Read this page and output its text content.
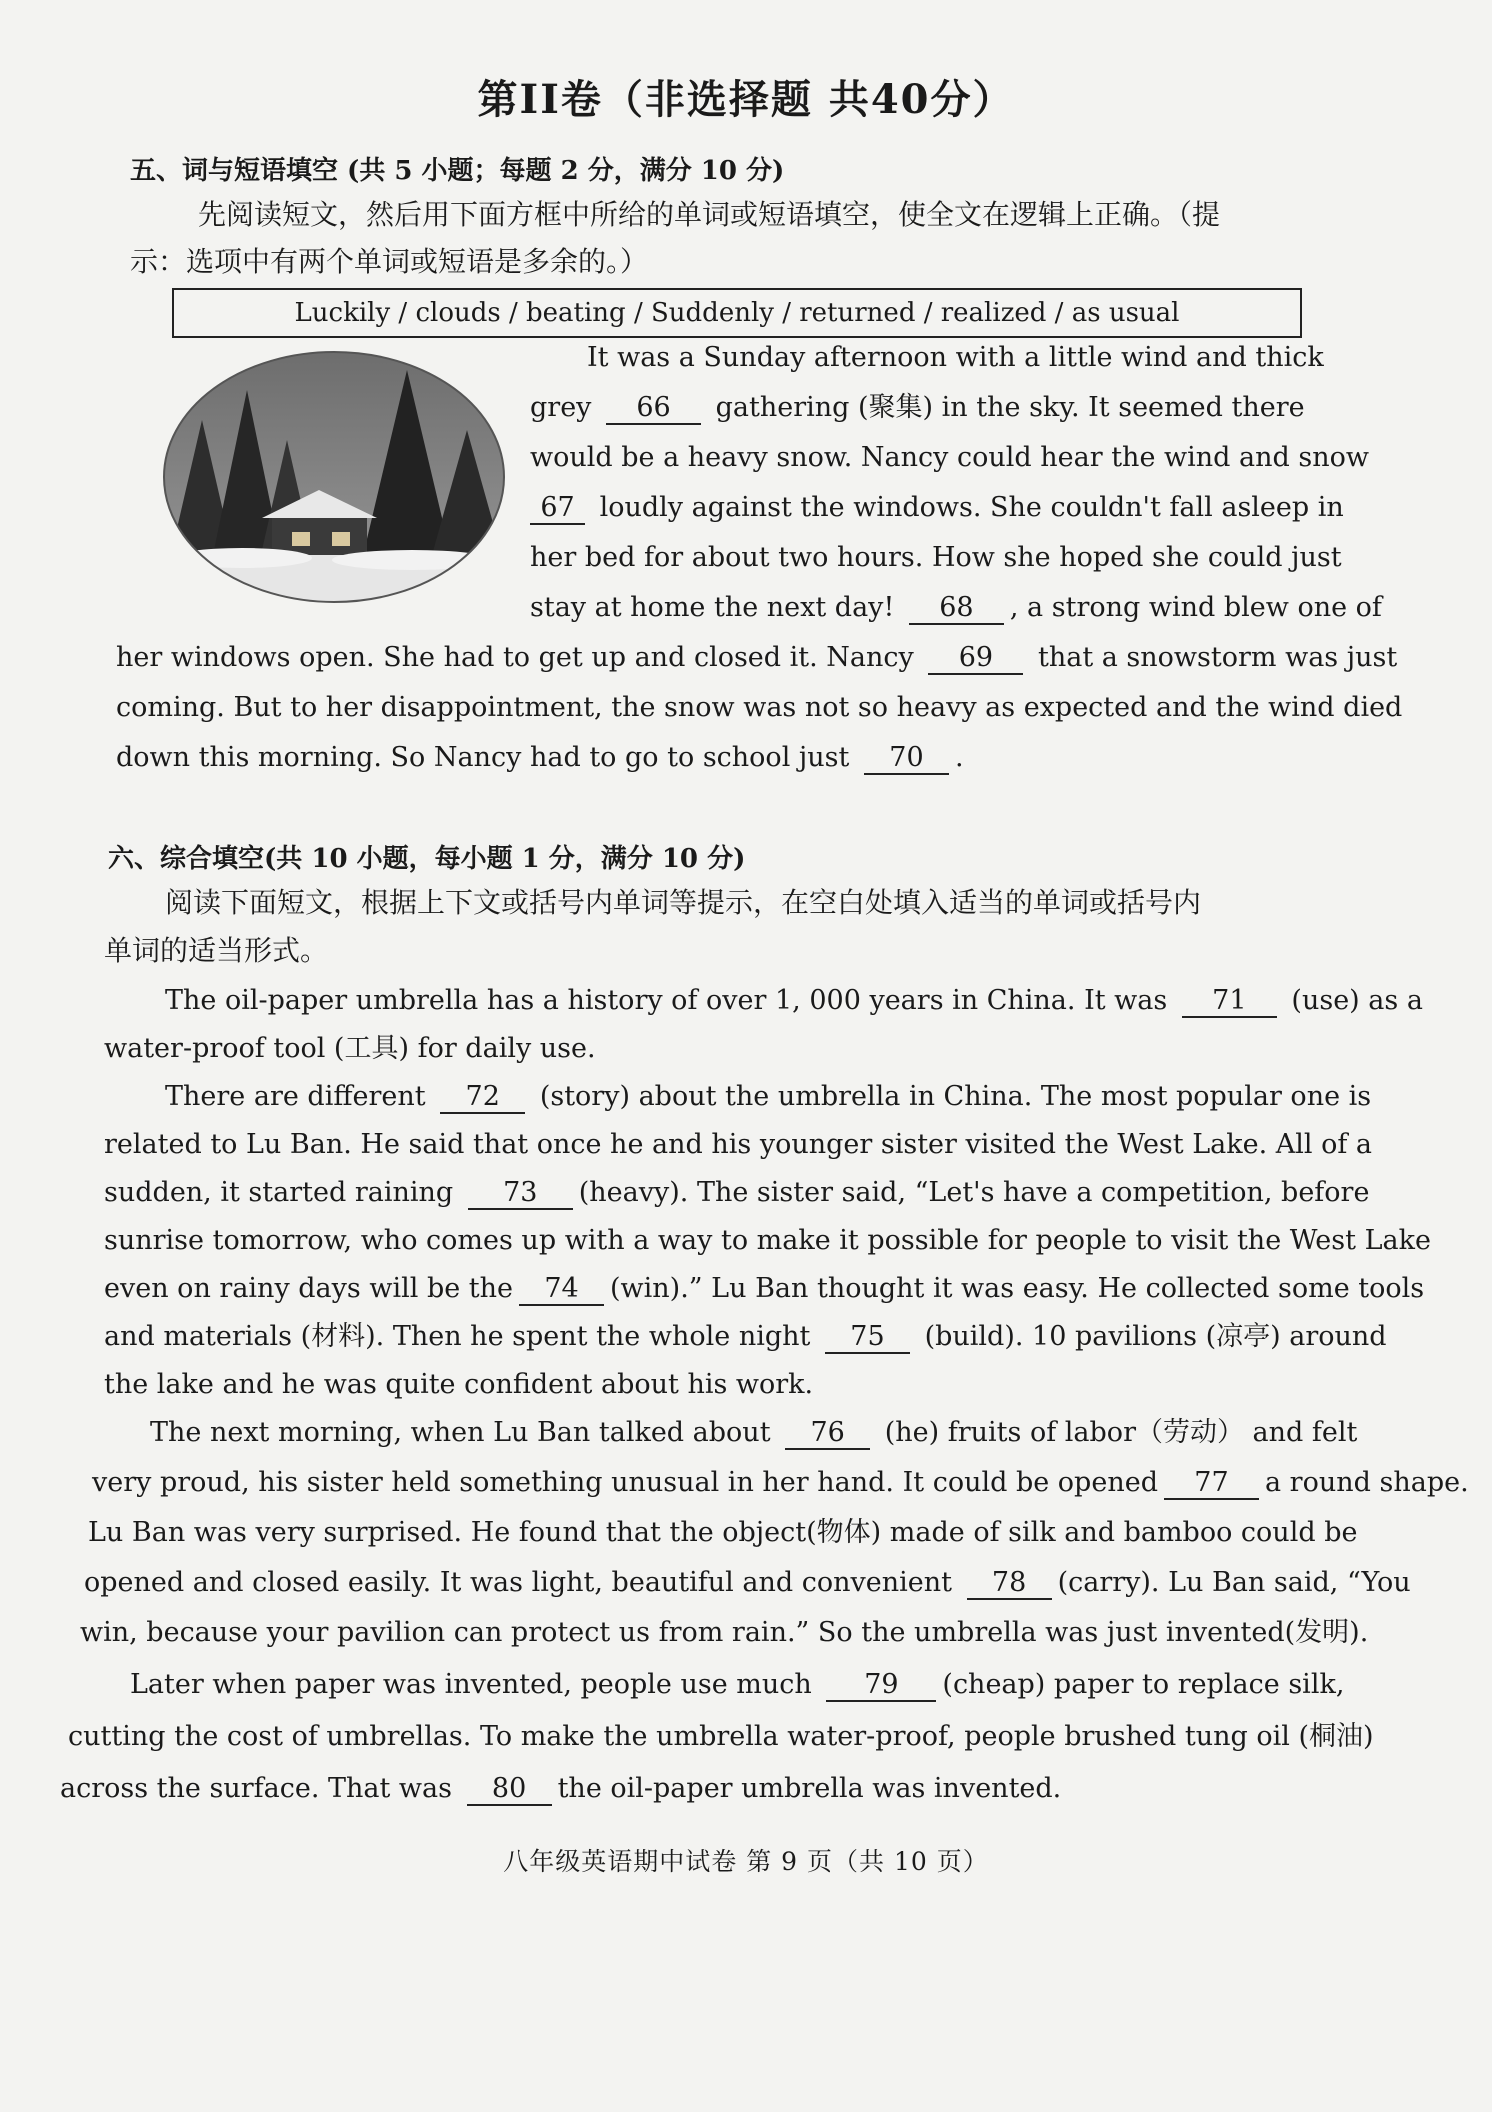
第II卷（非选择题 共40分）
五、词与短语填空 (共 5 小题；每题 2 分，满分 10 分)
先阅读短文，然后用下面方框中所给的单词或短语填空，使全文在逻辑上正确。（提
示：选项中有两个单词或短语是多余的。）
Luckily / clouds / beating / Suddenly / returned / realized / as usual
It was a Sunday afternoon with a little wind and thick
grey 66 gathering (聚集) in the sky. It seemed there
would be a heavy snow. Nancy could hear the wind and snow
67 loudly against the windows. She couldn't fall asleep in
her bed for about two hours. How she hoped she could just
stay at home the next day! 68 , a strong wind blew one of
her windows open. She had to get up and closed it. Nancy 69 that a snowstorm was just
coming. But to her disappointment, the snow was not so heavy as expected and the wind died
down this morning. So Nancy had to go to school just 70 .
六、综合填空(共 10 小题，每小题 1 分，满分 10 分)
阅读下面短文，根据上下文或括号内单词等提示，在空白处填入适当的单词或括号内
单词的适当形式。
The oil-paper umbrella has a history of over 1, 000 years in China. It was 71 (use) as a
water-proof tool (工具) for daily use.
There are different 72 (story) about the umbrella in China. The most popular one is
related to Lu Ban. He said that once he and his younger sister visited the West Lake. All of a
sudden, it started raining 73 (heavy). The sister said, “Let's have a competition, before
sunrise tomorrow, who comes up with a way to make it possible for people to visit the West Lake
even on rainy days will be the 74 (win).” Lu Ban thought it was easy. He collected some tools
and materials (材料). Then he spent the whole night 75 (build). 10 pavilions (凉亭) around
the lake and he was quite confident about his work.
The next morning, when Lu Ban talked about 76 (he) fruits of labor（劳动） and felt
very proud, his sister held something unusual in her hand. It could be opened 77 a round shape.
Lu Ban was very surprised. He found that the object(物体) made of silk and bamboo could be
opened and closed easily. It was light, beautiful and convenient 78 (carry). Lu Ban said, “You
win, because your pavilion can protect us from rain.” So the umbrella was just invented(发明).
Later when paper was invented, people use much 79 (cheap) paper to replace silk,
cutting the cost of umbrellas. To make the umbrella water-proof, people brushed tung oil (桐油)
across the surface. That was 80 the oil-paper umbrella was invented.
八年级英语期中试卷 第 9 页（共 10 页）
